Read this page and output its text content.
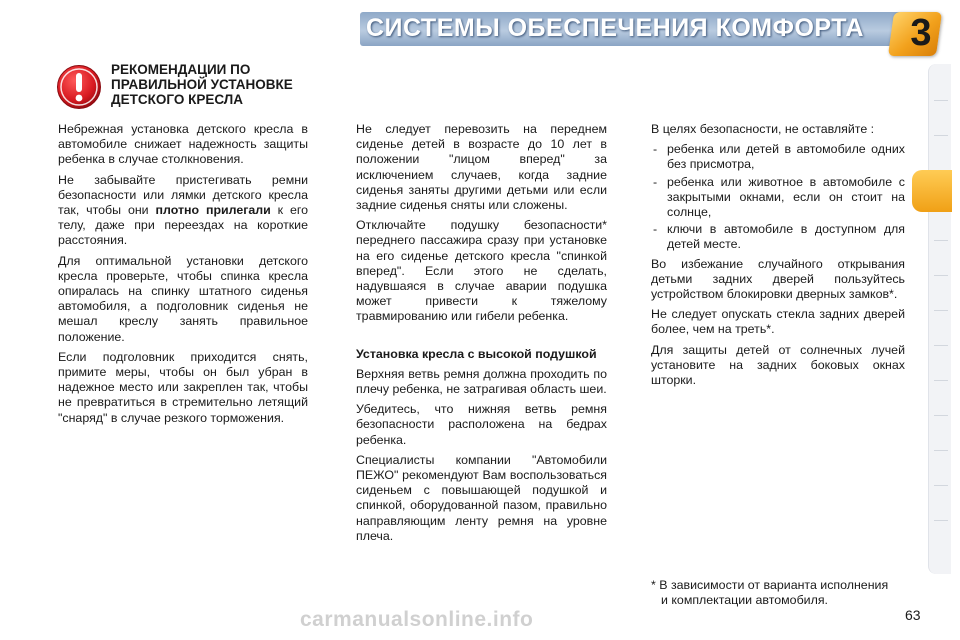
СИСТЕМЫ ОБЕСПЕЧЕНИЯ КОМФОРТА 3
РЕКОМЕНДАЦИИ ПО
ПРАВИЛЬНОЙ УСТАНОВКЕ
ДЕТСКОГО КРЕСЛА

Небрежная установка детского кресла в автомобиле снижает надежность защиты ребенка в случае столкновения.

Не забывайте пристегивать ремни безопасности или лямки детского кресла так, чтобы они плотно прилегали к его телу, даже при переездах на короткие расстояния.

Для оптимальной установки детского кресла проверьте, чтобы спинка кресла опиралась на спинку штатного сиденья автомобиля, а подголовник сиденья не мешал креслу занять правильное положение.

Если подголовник приходится снять, примите меры, чтобы он был убран в надежное место или закреплен так, чтобы не превратиться в стремительно летящий "снаряд" в случае резкого торможения.

Не следует перевозить на переднем сиденье детей в возрасте до 10 лет в положении "лицом вперед" за исключением случаев, когда задние сиденья заняты другими детьми или если задние сиденья сняты или сложены.

Отключайте подушку безопасности* переднего пассажира сразу при установке на его сиденье детского кресла "спинкой вперед". Если этого не сделать, надувшаяся в случае аварии подушка может привести к тяжелому травмированию или гибели ребенка.

Установка кресла с высокой подушкой

Верхняя ветвь ремня должна проходить по плечу ребенка, не затрагивая область шеи.

Убедитесь, что нижняя ветвь ремня безопасности расположена на бедрах ребенка.

Специалисты компании "Автомобили ПЕЖО" рекомендуют Вам воспользоваться сиденьем с повышающей подушкой и спинкой, оборудованной пазом, правильно направляющим ленту ремня на уровне плеча.

В целях безопасности, не оставляйте :

- ребенка или детей в автомобиле одних без присмотра,
- ребенка или животное в автомобиле с закрытыми окнами, если он стоит на солнце,
- ключи в автомобиле в доступном для детей месте.

Во избежание случайного открывания детьми задних дверей пользуйтесь устройством блокировки дверных замков*.

Не следует опускать стекла задних дверей более, чем на треть*.

Для защиты детей от солнечных лучей установите на задних боковых окнах шторки.

* В зависимости от варианта исполнения
и комплектации автомобиля.
63
carmanualsonline.info
